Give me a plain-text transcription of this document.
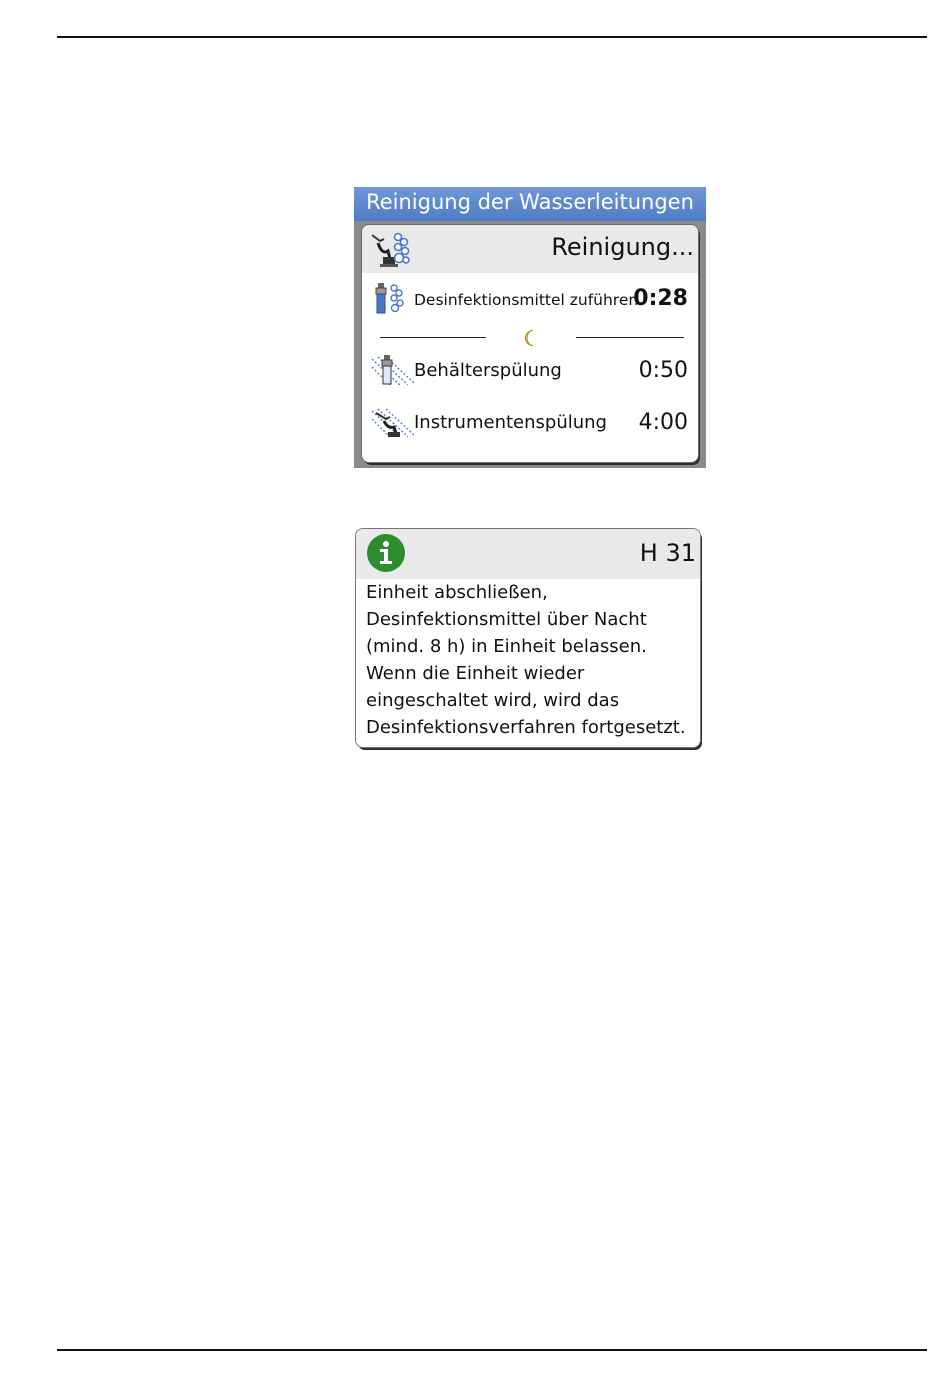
Reinigung der Wasserleitungen
Reinigung...
Desinfektionsmittel zuführen
0:28
Behälterspülung	0:50
Instrumentenspülung 4:00
H 31

Einheit abschließen,
Desinfektionsmittel über Nacht
(mind. 8 h) in Einheit belassen.
Wenn die Einheit wieder
eingeschaltet wird, wird das
Desinfektionsverfahren fortgesetzt.
